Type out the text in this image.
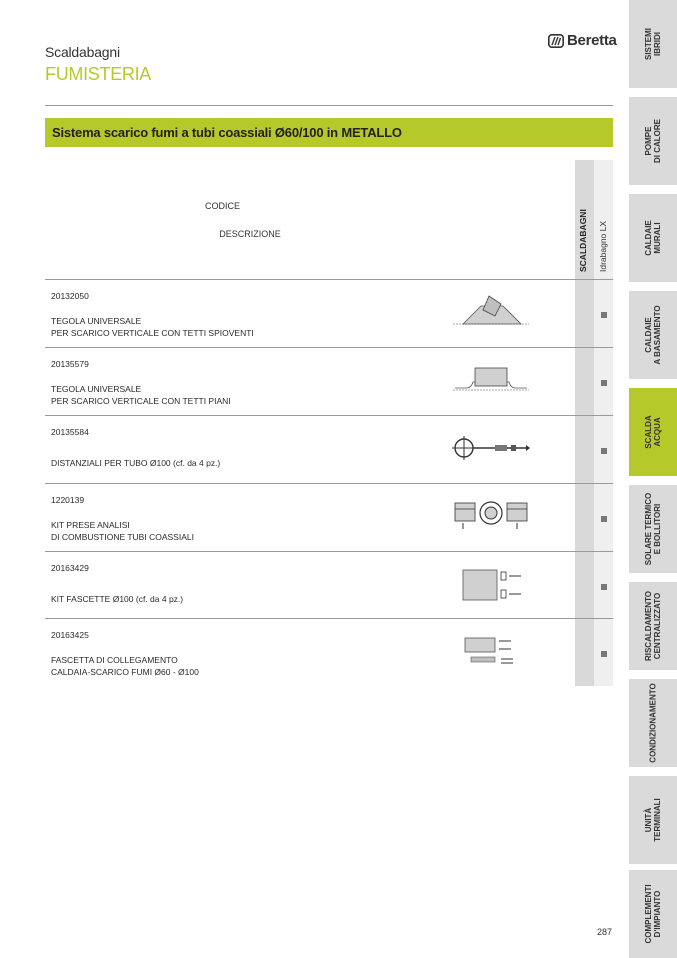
Scaldabagni
FUMISTERIA
Beretta
Sistema scarico fumi a tubi coassiali Ø60/100 in METALLO
SCALDABAGNI Idrabagno LX
CODICE
DESCRIZIONE
20132050
TEGOLA UNIVERSALE
PER SCARICO VERTICALE CON TETTI SPIOVENTI
20135579
TEGOLA UNIVERSALE
PER SCARICO VERTICALE CON TETTI PIANI
20135584
DISTANZIALI PER TUBO Ø100 (cf. da 4 pz.)
1220139
KIT PRESE ANALISI
DI COMBUSTIONE TUBI COASSIALI
20163429
KIT FASCETTE Ø100 (cf. da 4 pz.)
20163425
FASCETTA DI COLLEGAMENTO
CALDAIA-SCARICO FUMI Ø60 - Ø100
SISTEMI
IBRIDI
POMPE
DI CALORE
CALDAIE
MURALI
CALDAIE
A BASAMENTO
SCALDA
ACQUA
SOLARE TERMICO
E BOLLITORI
RISCALDAMENTO
CENTRALIZZATO
CONDIZIONAMENTO
UNITÀ
TERMINALI
COMPLEMENTI
D'IMPIANTO
287
